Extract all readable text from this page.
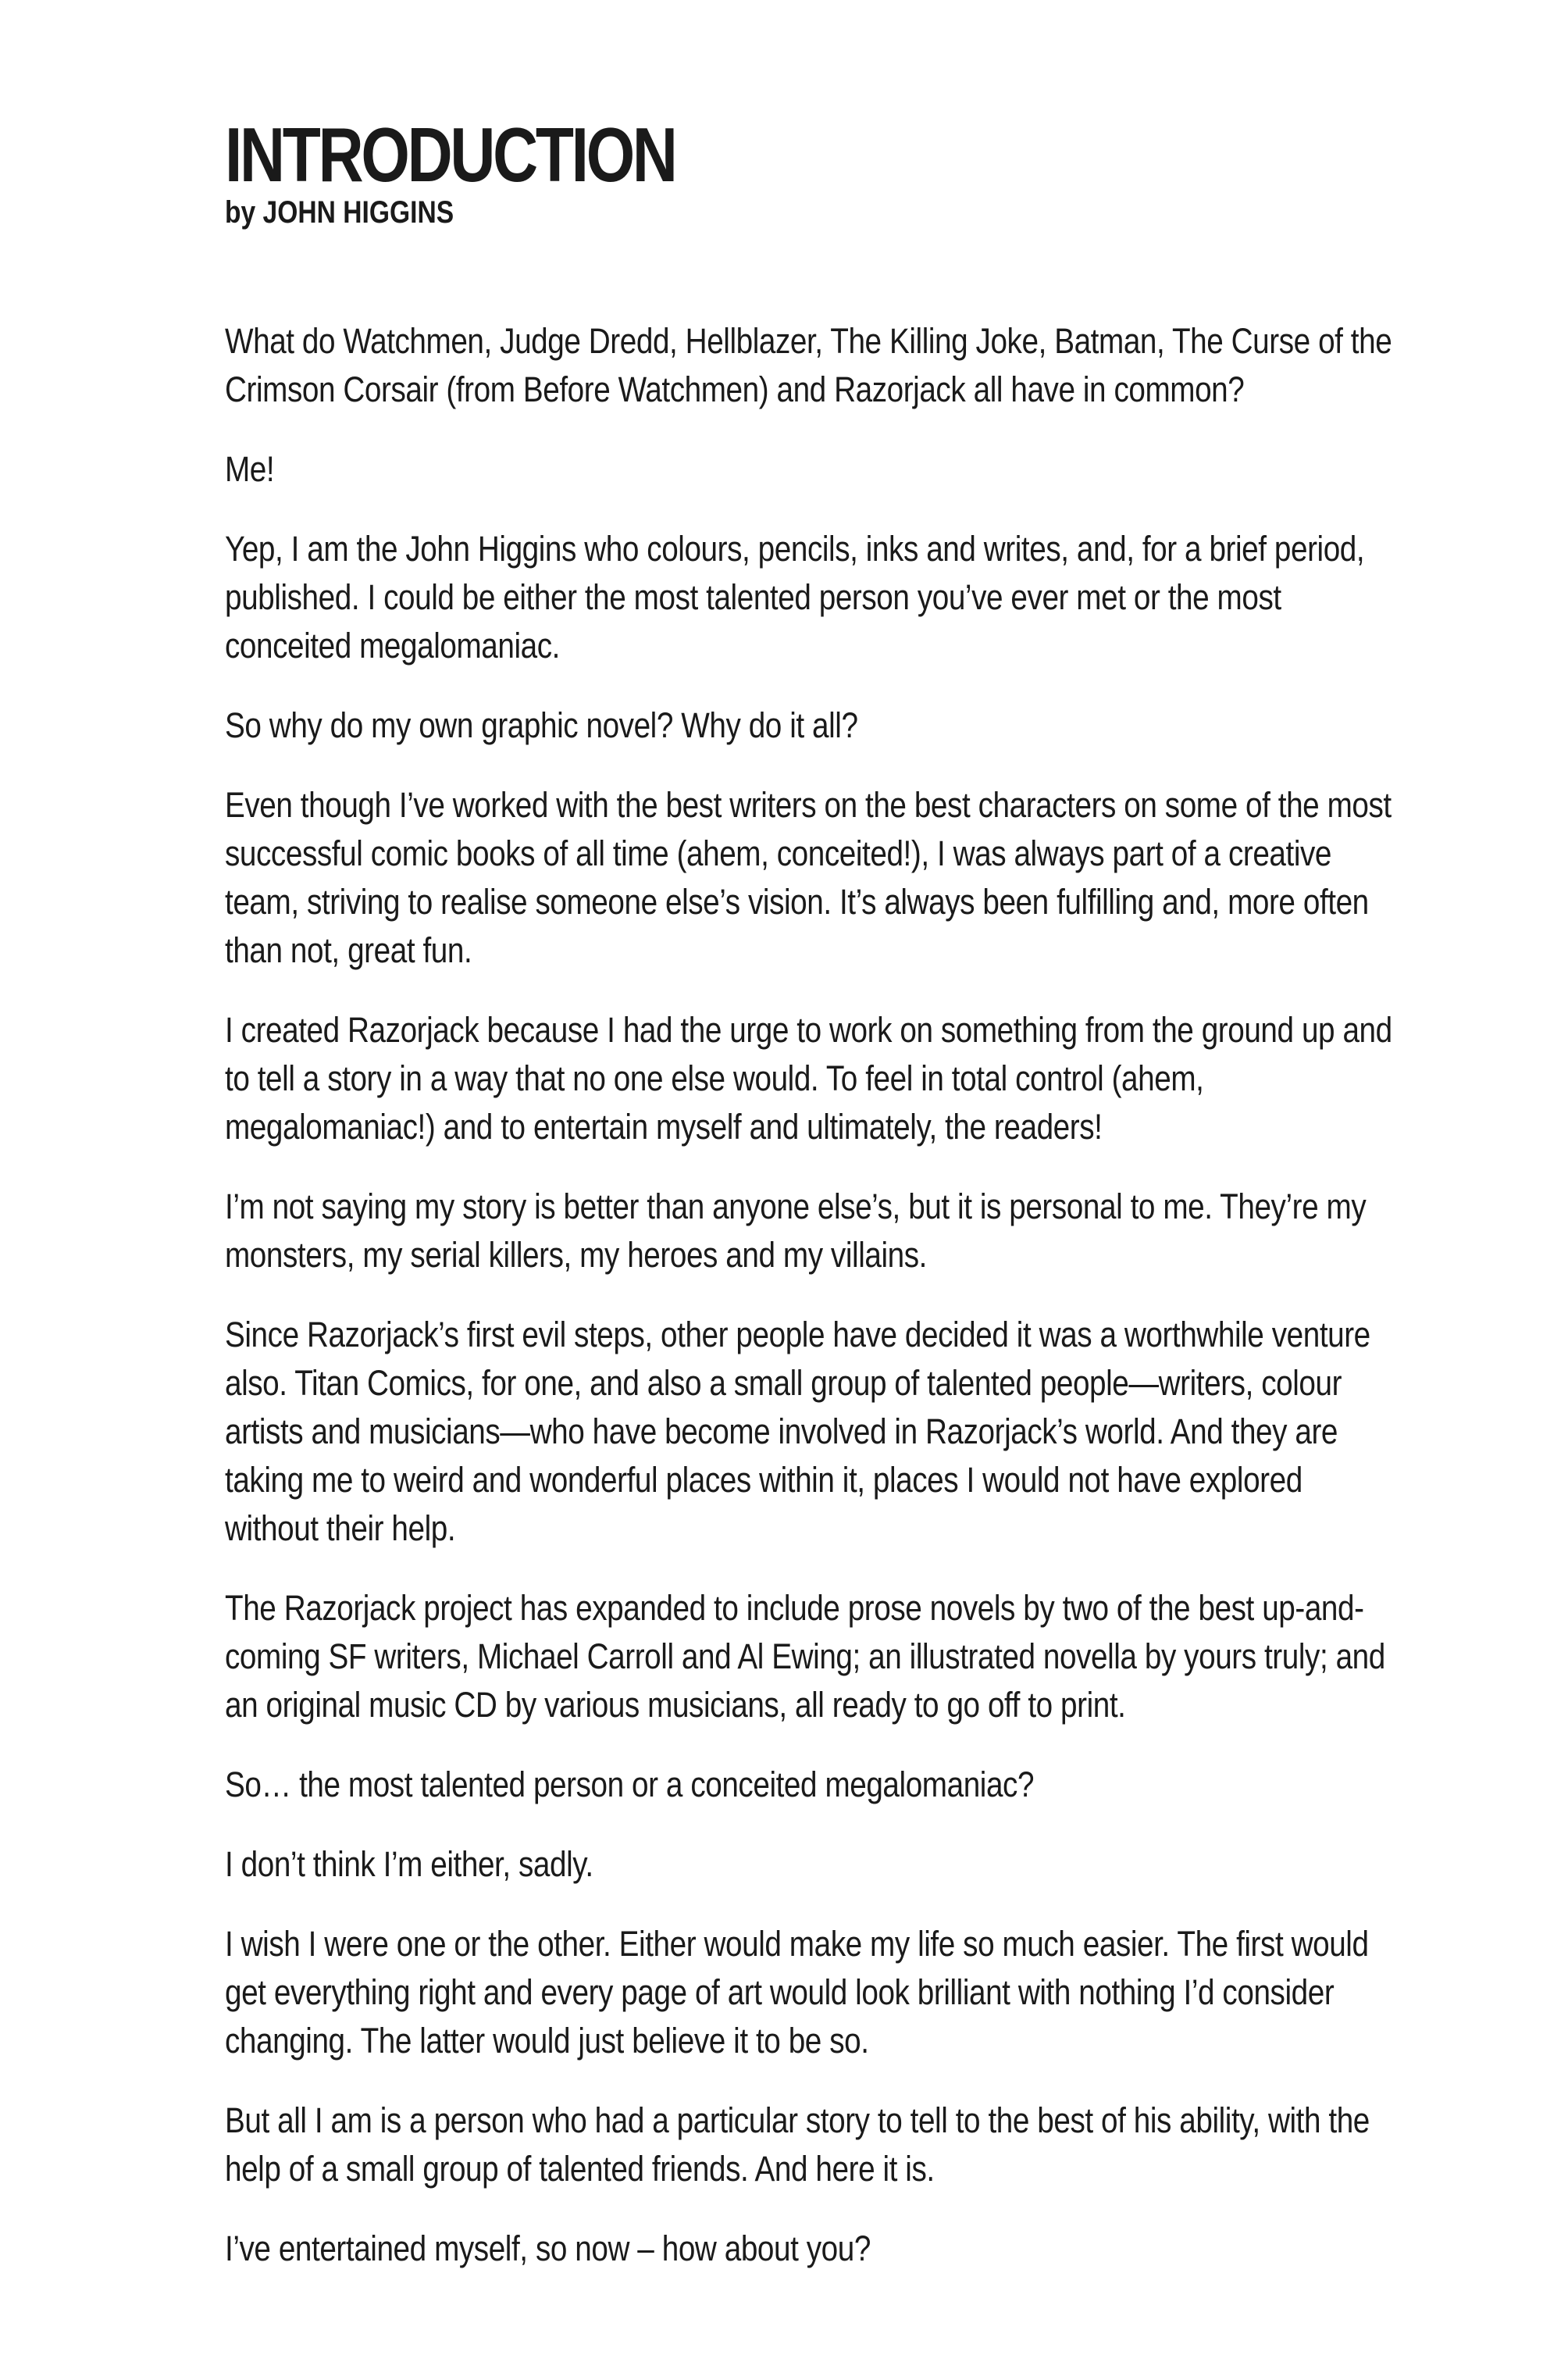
INTRODUCTION
by JOHN HIGGINS

What do Watchmen, Judge Dredd, Hellblazer, The Killing Joke, Batman, The Curse of the Crimson Corsair (from Before Watchmen) and Razorjack all have in common?

Me!

Yep, I am the John Higgins who colours, pencils, inks and writes, and, for a brief period, published. I could be either the most talented person you’ve ever met or the most conceited megalomaniac.

So why do my own graphic novel? Why do it all?

Even though I’ve worked with the best writers on the best characters on some of the most successful comic books of all time (ahem, conceited!), I was always part of a creative team, striving to realise someone else’s vision. It’s always been fulfilling and, more often than not, great fun.

I created Razorjack because I had the urge to work on something from the ground up and to tell a story in a way that no one else would. To feel in total control (ahem, megalomaniac!) and to entertain myself and ultimately, the readers!

I’m not saying my story is better than anyone else’s, but it is personal to me. They’re my monsters, my serial killers, my heroes and my villains.

Since Razorjack’s first evil steps, other people have decided it was a worthwhile venture also. Titan Comics, for one, and also a small group of talented people—writers, colour artists and musicians—who have become involved in Razorjack’s world. And they are taking me to weird and wonderful places within it, places I would not have explored without their help.

The Razorjack project has expanded to include prose novels by two of the best up-and-coming SF writers, Michael Carroll and Al Ewing; an illustrated novella by yours truly; and an original music CD by various musicians, all ready to go off to print.

So… the most talented person or a conceited megalomaniac?

I don’t think I’m either, sadly.

I wish I were one or the other. Either would make my life so much easier. The first would get everything right and every page of art would look brilliant with nothing I’d consider changing. The latter would just believe it to be so.

But all I am is a person who had a particular story to tell to the best of his ability, with the help of a small group of talented friends. And here it is.

I’ve entertained myself, so now – how about you?
